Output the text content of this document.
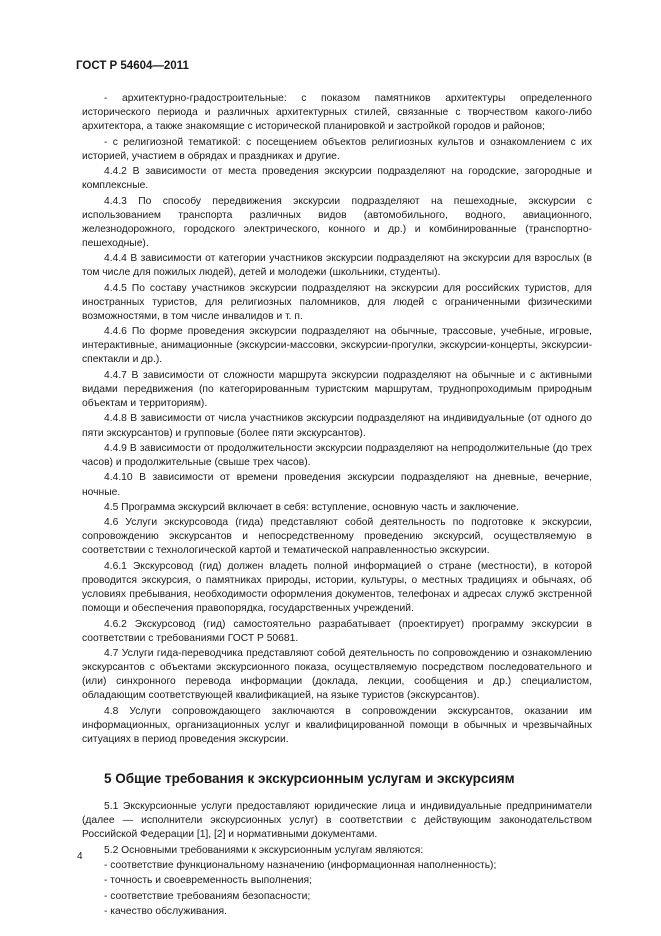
ГОСТ Р 54604—2011

- архитектурно-градостроительные: с показом памятников архитектуры определенного исторического периода и различных архитектурных стилей, связанные с творчеством какого-либо архитектора, а также знакомящие с исторической планировкой и застройкой городов и районов;

- с религиозной тематикой: с посещением объектов религиозных культов и ознакомлением с их историей, участием в обрядах и праздниках и другие.

4.4.2 В зависимости от места проведения экскурсии подразделяют на городские, загородные и комплексные.

4.4.3 По способу передвижения экскурсии подразделяют на пешеходные, экскурсии с использованием транспорта различных видов (автомобильного, водного, авиационного, железнодорожного, городского электрического, конного и др.) и комбинированные (транспортно-пешеходные).

4.4.4 В зависимости от категории участников экскурсии подразделяют на экскурсии для взрослых (в том числе для пожилых людей), детей и молодежи (школьники, студенты).

4.4.5 По составу участников экскурсии подразделяют на экскурсии для российских туристов, для иностранных туристов, для религиозных паломников, для людей с ограниченными физическими возможностями, в том числе инвалидов и т. п.

4.4.6 По форме проведения экскурсии подразделяют на обычные, трассовые, учебные, игровые, интерактивные, анимационные (экскурсии-массовки, экскурсии-прогулки, экскурсии-концерты, экскурсии-спектакли и др.).

4.4.7 В зависимости от сложности маршрута экскурсии подразделяют на обычные и с активными видами передвижения (по категорированным туристским маршрутам, труднопроходимым природным объектам и территориям).

4.4.8 В зависимости от числа участников экскурсии подразделяют на индивидуальные (от одного до пяти экскурсантов) и групповые (более пяти экскурсантов).

4.4.9 В зависимости от продолжительности экскурсии подразделяют на непродолжительные (до трех часов) и продолжительные (свыше трех часов).

4.4.10 В зависимости от времени проведения экскурсии подразделяют на дневные, вечерние, ночные.

4.5 Программа экскурсий включает в себя: вступление, основную часть и заключение.

4.6 Услуги экскурсовода (гида) представляют собой деятельность по подготовке к экскурсии, сопровождению экскурсантов и непосредственному проведению экскурсий, осуществляемую в соответствии с технологической картой и тематической направленностью экскурсии.

4.6.1 Экскурсовод (гид) должен владеть полной информацией о стране (местности), в которой проводится экскурсия, о памятниках природы, истории, культуры, о местных традициях и обычаях, об условиях пребывания, необходимости оформления документов, телефонах и адресах служб экстренной помощи и обеспечения правопорядка, государственных учреждений.

4.6.2 Экскурсовод (гид) самостоятельно разрабатывает (проектирует) программу экскурсии в соответствии с требованиями ГОСТ Р 50681.

4.7 Услуги гида-переводчика представляют собой деятельность по сопровождению и ознакомлению экскурсантов с объектами экскурсионного показа, осуществляемую посредством последовательного и (или) синхронного перевода информации (доклада, лекции, сообщения и др.) специалистом, обладающим соответствующей квалификацией, на языке туристов (экскурсантов).

4.8 Услуги сопровождающего заключаются в сопровождении экскурсантов, оказании им информационных, организационных услуг и квалифицированной помощи в обычных и чрезвычайных ситуациях в период проведения экскурсии.

5 Общие требования к экскурсионным услугам и экскурсиям

5.1 Экскурсионные услуги предоставляют юридические лица и индивидуальные предприниматели (далее — исполнители экскурсионных услуг) в соответствии с действующим законодательством Российской Федерации [1], [2] и нормативными документами.

5.2 Основными требованиями к экскурсионным услугам являются:

- соответствие функциональному назначению (информационная наполненность);

- точность и своевременность выполнения;

- соответствие требованиям безопасности;

- качество обслуживания.

4
